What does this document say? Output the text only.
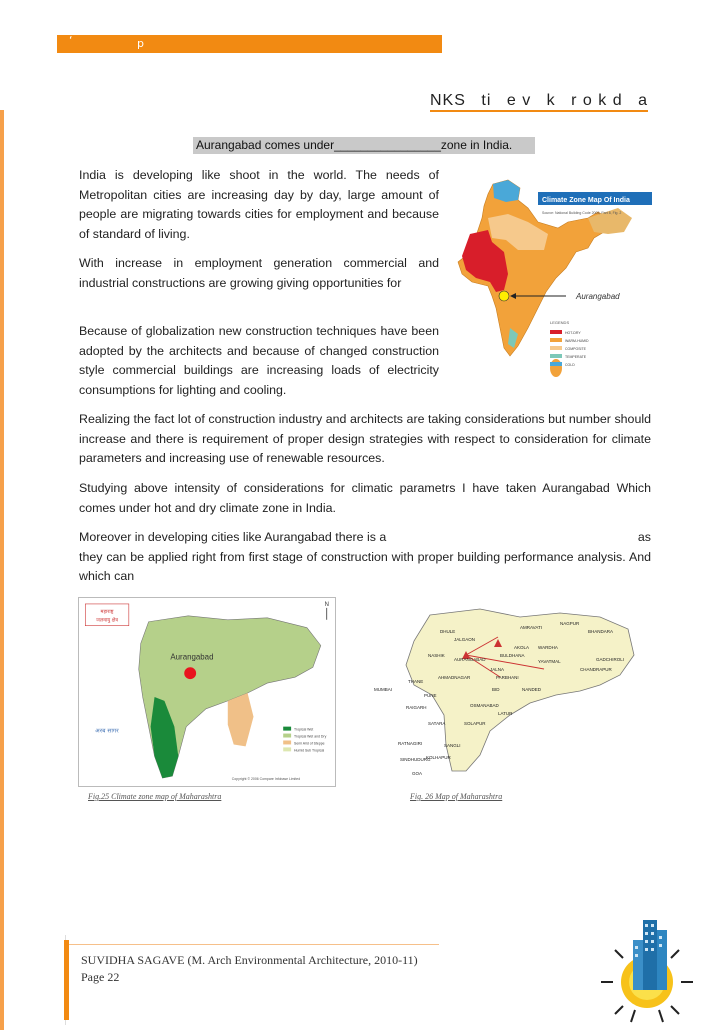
‘	p
NKS ti e v k r o k d a
Aurangabad comes under________________zone in India.

India is developing like shoot in the world. The needs of Metropolitan cities are increasing day by day, large amount of people are migrating towards cities for employment and because of standard of living.

With increase in employment generation commercial and industrial constructions are growing giving opportunities for

Because of globalization new construction techniques have been adopted by the architects and because of changed construction style commercial buildings are increasing loads of electricity consumptions for lighting and cooling.

Realizing the fact lot of construction industry and architects are taking considerations but number should increase and there is requirement of proper design strategies with respect to consideration for climate parameters and increasing use of renewable resources.

Studying above intensity of considerations for climatic parametrs I have taken Aurangabad Which comes under hot and dry climate zone in India.

Moreover in developing cities like Aurangabad there is a                                                                         as they can be applied right from first stage of construction with proper building performance analysis. And which can

Aurangabad
Climate Zone Map Of India
Source: National Building Code 2005, Part 8, Fig. 2
LEGENDS
HOT-DRY
WARM-HUMID
COMPOSITE
TEMPERATE
COLD
महाराष्ट्र
जलवायु क्षेत्र
N
Aurangabad
अरब सागर	Tropical Wet
Tropical Wet and Dry
Semi Arid of Steppe
Humid Sub Tropical
Copyright © 2006 Compare Infobase Limited
NAGPUR
AMRAVATI
BHANDARA
DHULE
JALGAON
AKOLA WARDHA
BULDHANA
NASHIK
AURANGABAD	YAVATMAL	GADCHIROLI
CHANDRAPUR
JALNA
PARBHANI
THANE
AHMADNAGAR
MUMBAI	BID	NANDED
PUNE
RAIGARH	OSMANABAD
LATUR
SATARA	SOLAPUR
RATNAGIRI	SANGLI
SINDHUDURG
KOLHAPUR
GOA
Fig.25 Climate zone map of Maharashtra	Fig. 26 Map of Maharashtra
SUVIDHA SAGAVE (M. Arch Environmental Architecture, 2010-11)
Page 22
